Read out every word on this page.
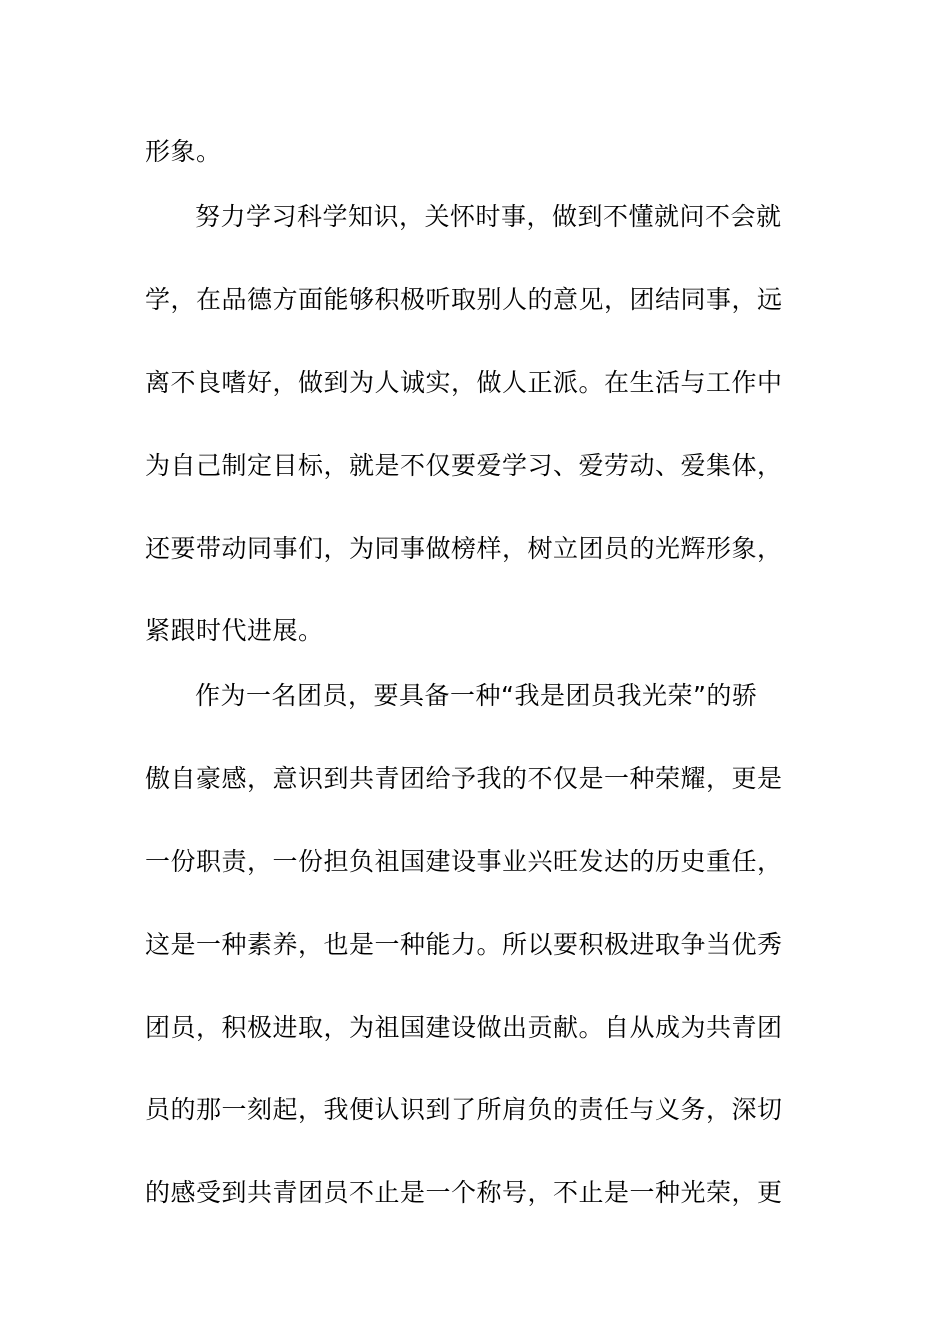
形象。
努力学习科学知识，关怀时事，做到不懂就问不会就
学，在品德方面能够积极听取别人的意见，团结同事，远
离不良嗜好，做到为人诚实，做人正派。在生活与工作中
为自己制定目标，就是不仅要爱学习、爱劳动、爱集体，
还要带动同事们，为同事做榜样，树立团员的光辉形象，
紧跟时代进展。
作为一名团员，要具备一种“我是团员我光荣”的骄
傲自豪感，意识到共青团给予我的不仅是一种荣耀，更是
一份职责，一份担负祖国建设事业兴旺发达的历史重任，
这是一种素养，也是一种能力。所以要积极进取争当优秀
团员，积极进取，为祖国建设做出贡献。自从成为共青团
员的那一刻起，我便认识到了所肩负的责任与义务，深切
的感受到共青团员不止是一个称号，不止是一种光荣，更
